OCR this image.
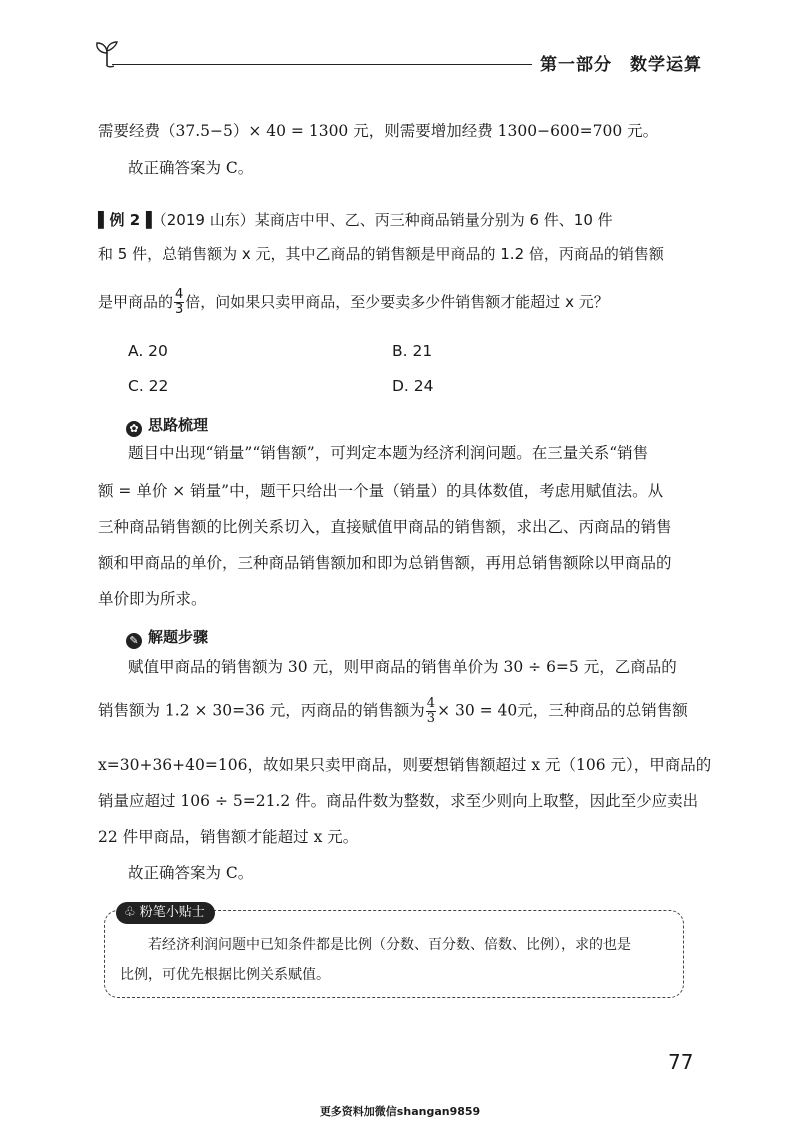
第一部分　数学运算
需要经费（37.5−5）× 40 = 1300 元，则需要增加经费 1300−600=700 元。
故正确答案为 C。
▌例 2▐（2019 山东）某商店中甲、乙、丙三种商品销量分别为 6 件、10 件
和 5 件，总销售额为 x 元，其中乙商品的销售额是甲商品的 1.2 倍，丙商品的销售额
是甲商品的 $\frac{4}{3}$ 倍，问如果只卖甲商品，至少要卖多少件销售额才能超过 x 元？
A. 20	B. 21
C. 22	D. 24
✿ 思路梳理
题目中出现“销量”“销售额”，可判定本题为经济利润问题。在三量关系“销售
额 = 单价 × 销量”中，题干只给出一个量（销量）的具体数值，考虑用赋值法。从
三种商品销售额的比例关系切入，直接赋值甲商品的销售额，求出乙、丙商品的销售
额和甲商品的单价，三种商品销售额加和即为总销售额，再用总销售额除以甲商品的
单价即为所求。
✎ 解题步骤
赋值甲商品的销售额为 30 元，则甲商品的销售单价为 30 ÷ 6=5 元，乙商品的
销售额为 1.2 × 30=36 元，丙商品的销售额为 $\frac{4}{3} \times 30 = 40$元，三种商品的总销售额
x=30+36+40=106，故如果只卖甲商品，则要想销售额超过 x 元（106 元），甲商品的
销量应超过 106 ÷ 5=21.2 件。商品件数为整数，求至少则向上取整，因此至少应卖出
22 件甲商品，销售额才能超过 x 元。
故正确答案为 C。
♧ 粉笔小贴士
若经济利润问题中已知条件都是比例（分数、百分数、倍数、比例），求的也是
比例，可优先根据比例关系赋值。
77
更多资料加微信shangan9859
